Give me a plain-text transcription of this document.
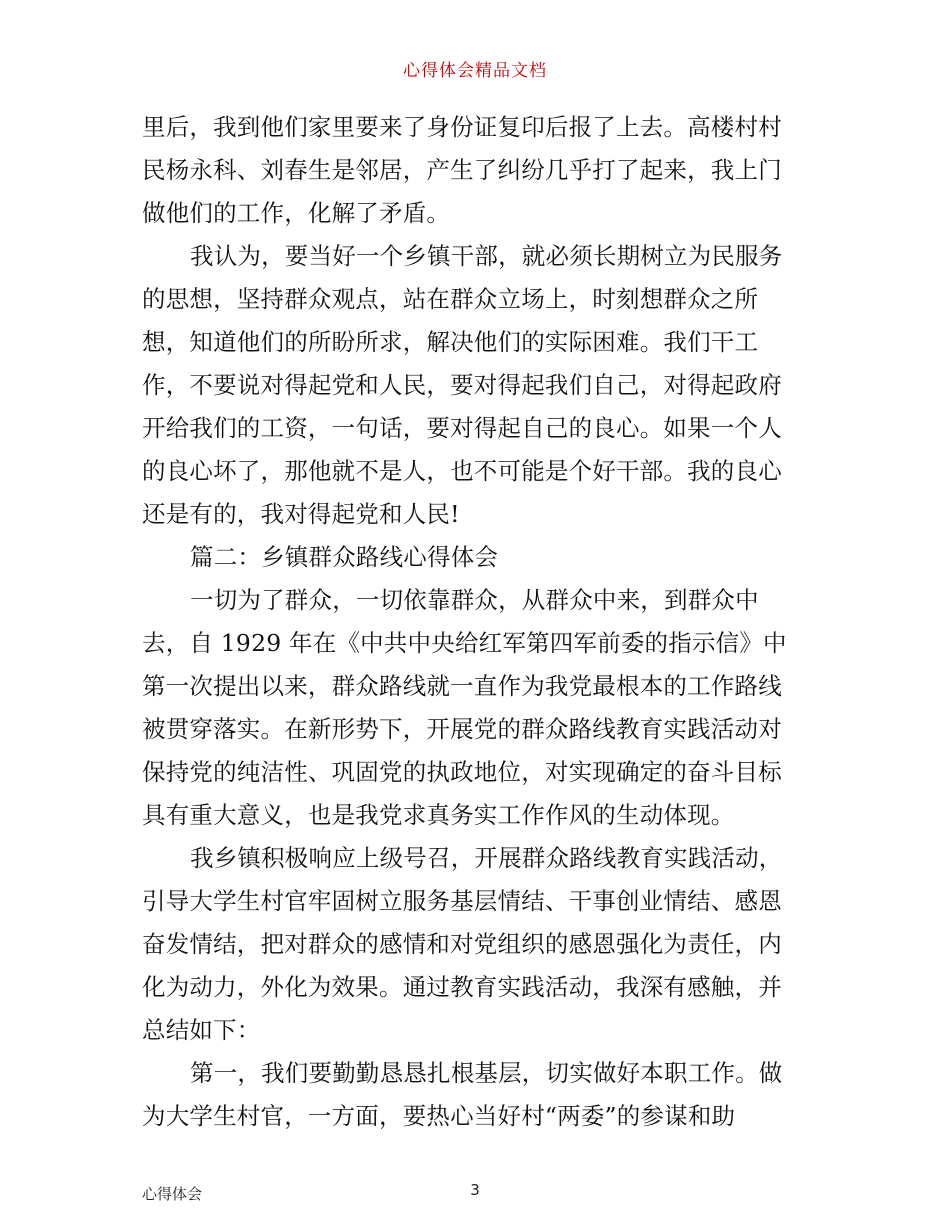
心得体会精品文档
里后，我到他们家里要来了身份证复印后报了上去。高楼村村
民杨永科、刘春生是邻居，产生了纠纷几乎打了起来，我上门
做他们的工作，化解了矛盾。
我认为，要当好一个乡镇干部，就必须长期树立为民服务
的思想，坚持群众观点，站在群众立场上，时刻想群众之所
想，知道他们的所盼所求，解决他们的实际困难。我们干工
作，不要说对得起党和人民，要对得起我们自己，对得起政府
开给我们的工资，一句话，要对得起自己的良心。如果一个人
的良心坏了，那他就不是人，也不可能是个好干部。我的良心
还是有的，我对得起党和人民!
篇二：乡镇群众路线心得体会
一切为了群众，一切依靠群众，从群众中来，到群众中
去，自 1929 年在《中共中央给红军第四军前委的指示信》中
第一次提出以来，群众路线就一直作为我党最根本的工作路线
被贯穿落实。在新形势下，开展党的群众路线教育实践活动对
保持党的纯洁性、巩固党的执政地位，对实现确定的奋斗目标
具有重大意义，也是我党求真务实工作作风的生动体现。
我乡镇积极响应上级号召，开展群众路线教育实践活动，
引导大学生村官牢固树立服务基层情结、干事创业情结、感恩
奋发情结，把对群众的感情和对党组织的感恩强化为责任，内
化为动力，外化为效果。通过教育实践活动，我深有感触，并
总结如下：
第一，我们要勤勤恳恳扎根基层，切实做好本职工作。做
为大学生村官，一方面，要热心当好村“两委”的参谋和助
心得体会	3
